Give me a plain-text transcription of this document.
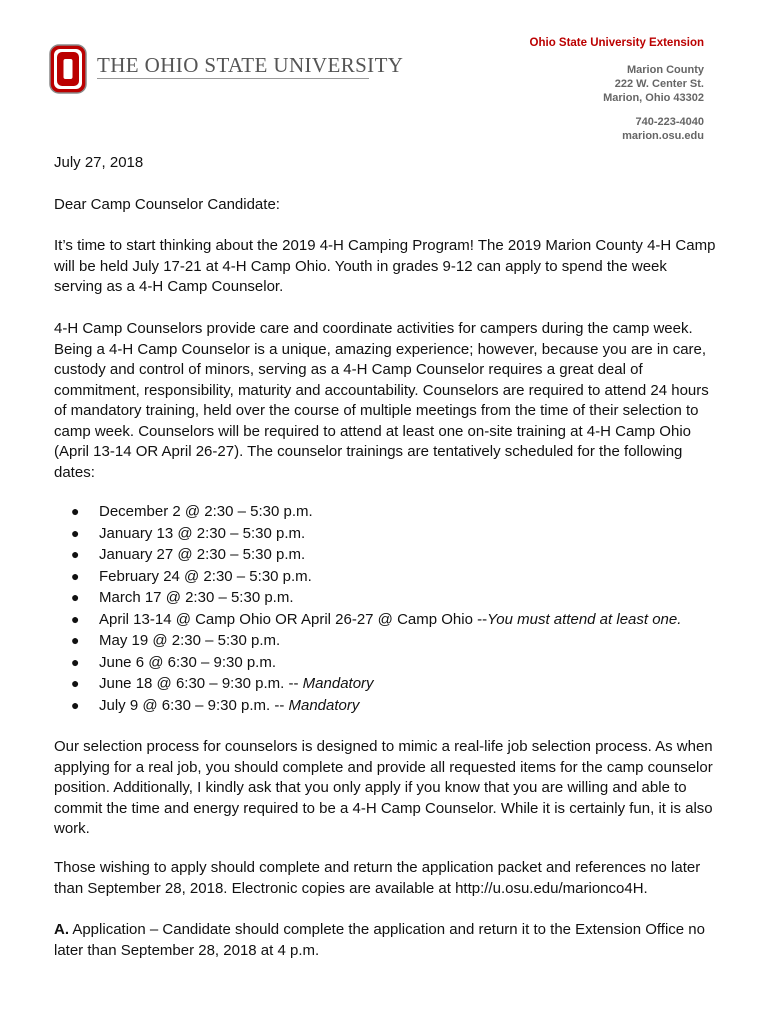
THE OHIO STATE UNIVERSITY
Ohio State University Extension
Marion County
222 W. Center St.
Marion, Ohio 43302
740-223-4040
marion.osu.edu
July 27, 2018
Dear Camp Counselor Candidate:
It’s time to start thinking about the 2019 4-H Camping Program! The 2019 Marion County 4-H Camp will be held July 17-21 at 4-H Camp Ohio. Youth in grades 9-12 can apply to spend the week serving as a 4-H Camp Counselor.
4-H Camp Counselors provide care and coordinate activities for campers during the camp week. Being a 4-H Camp Counselor is a unique, amazing experience; however, because you are in care, custody and control of minors, serving as a 4-H Camp Counselor requires a great deal of commitment, responsibility, maturity and accountability. Counselors are required to attend 24 hours of mandatory training, held over the course of multiple meetings from the time of their selection to camp week. Counselors will be required to attend at least one on-site training at 4-H Camp Ohio (April 13-14 OR April 26-27). The counselor trainings are tentatively scheduled for the following dates:
● December 2 @ 2:30 – 5:30 p.m.
● January 13 @ 2:30 – 5:30 p.m.
● January 27 @ 2:30 – 5:30 p.m.
● February 24 @ 2:30 – 5:30 p.m.
● March 17 @ 2:30 – 5:30 p.m.
● April 13-14 @ Camp Ohio OR April 26-27 @ Camp Ohio --You must attend at least one.
● May 19 @ 2:30 – 5:30 p.m.
● June 6 @ 6:30 – 9:30 p.m.
● June 18 @ 6:30 – 9:30 p.m. -- Mandatory
● July 9 @ 6:30 – 9:30 p.m. -- Mandatory
Our selection process for counselors is designed to mimic a real-life job selection process. As when applying for a real job, you should complete and provide all requested items for the camp counselor position. Additionally, I kindly ask that you only apply if you know that you are willing and able to commit the time and energy required to be a 4-H Camp Counselor. While it is certainly fun, it is also work.
Those wishing to apply should complete and return the application packet and references no later than September 28, 2018. Electronic copies are available at http://u.osu.edu/marionco4H.
A. Application – Candidate should complete the application and return it to the Extension Office no later than September 28, 2018 at 4 p.m.
